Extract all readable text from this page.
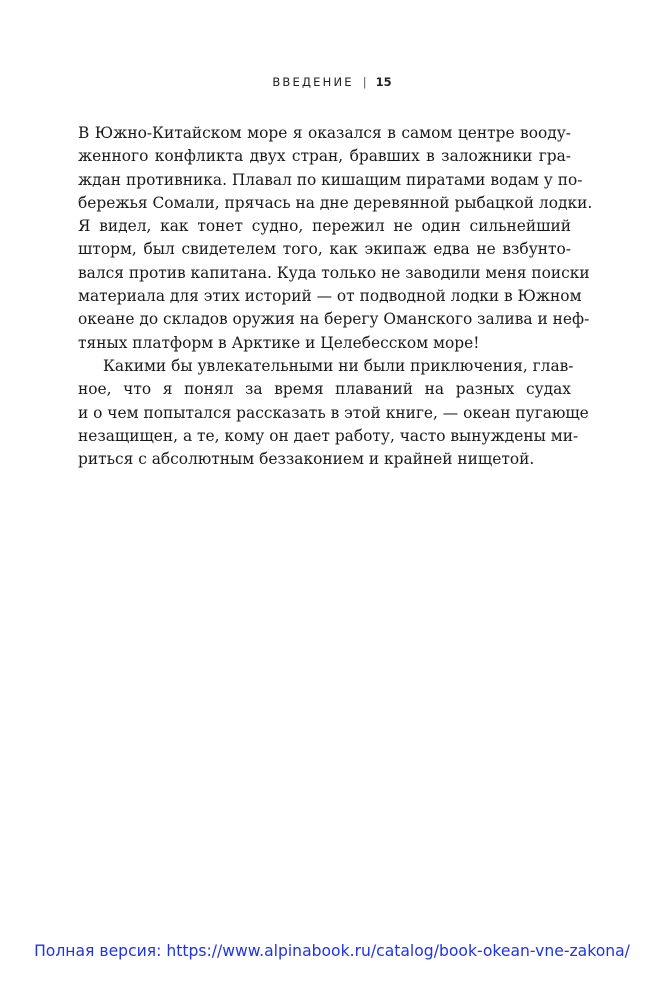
ВВЕДЕНИЕ | 15

В Южно-Китайском море я оказался в самом центре вооду-

женного конфликта двух стран, бравших в заложники гра-

ждан противника. Плавал по кишащим пиратами водам у по-

бережья Сомали, прячась на дне деревянной рыбацкой лодки.

Я видел, как тонет судно, пережил не один сильнейший

шторм, был свидетелем того, как экипаж едва не взбунто-

вался против капитана. Куда только не заводили меня поиски

материала для этих историй — от подводной лодки в Южном

океане до складов оружия на берегу Оманского залива и неф-

тяных платформ в Арктике и Целебесском море!

Какими бы увлекательными ни были приключения, глав-

ное, что я понял за время плаваний на разных судах

и о чем попытался рассказать в этой книге, — океан пугающе

незащищен, а те, кому он дает работу, часто вынуждены ми-

риться с абсолютным беззаконием и крайней нищетой.

Полная версия: https://www.alpinabook.ru/catalog/book-okean-vne-zakona/
